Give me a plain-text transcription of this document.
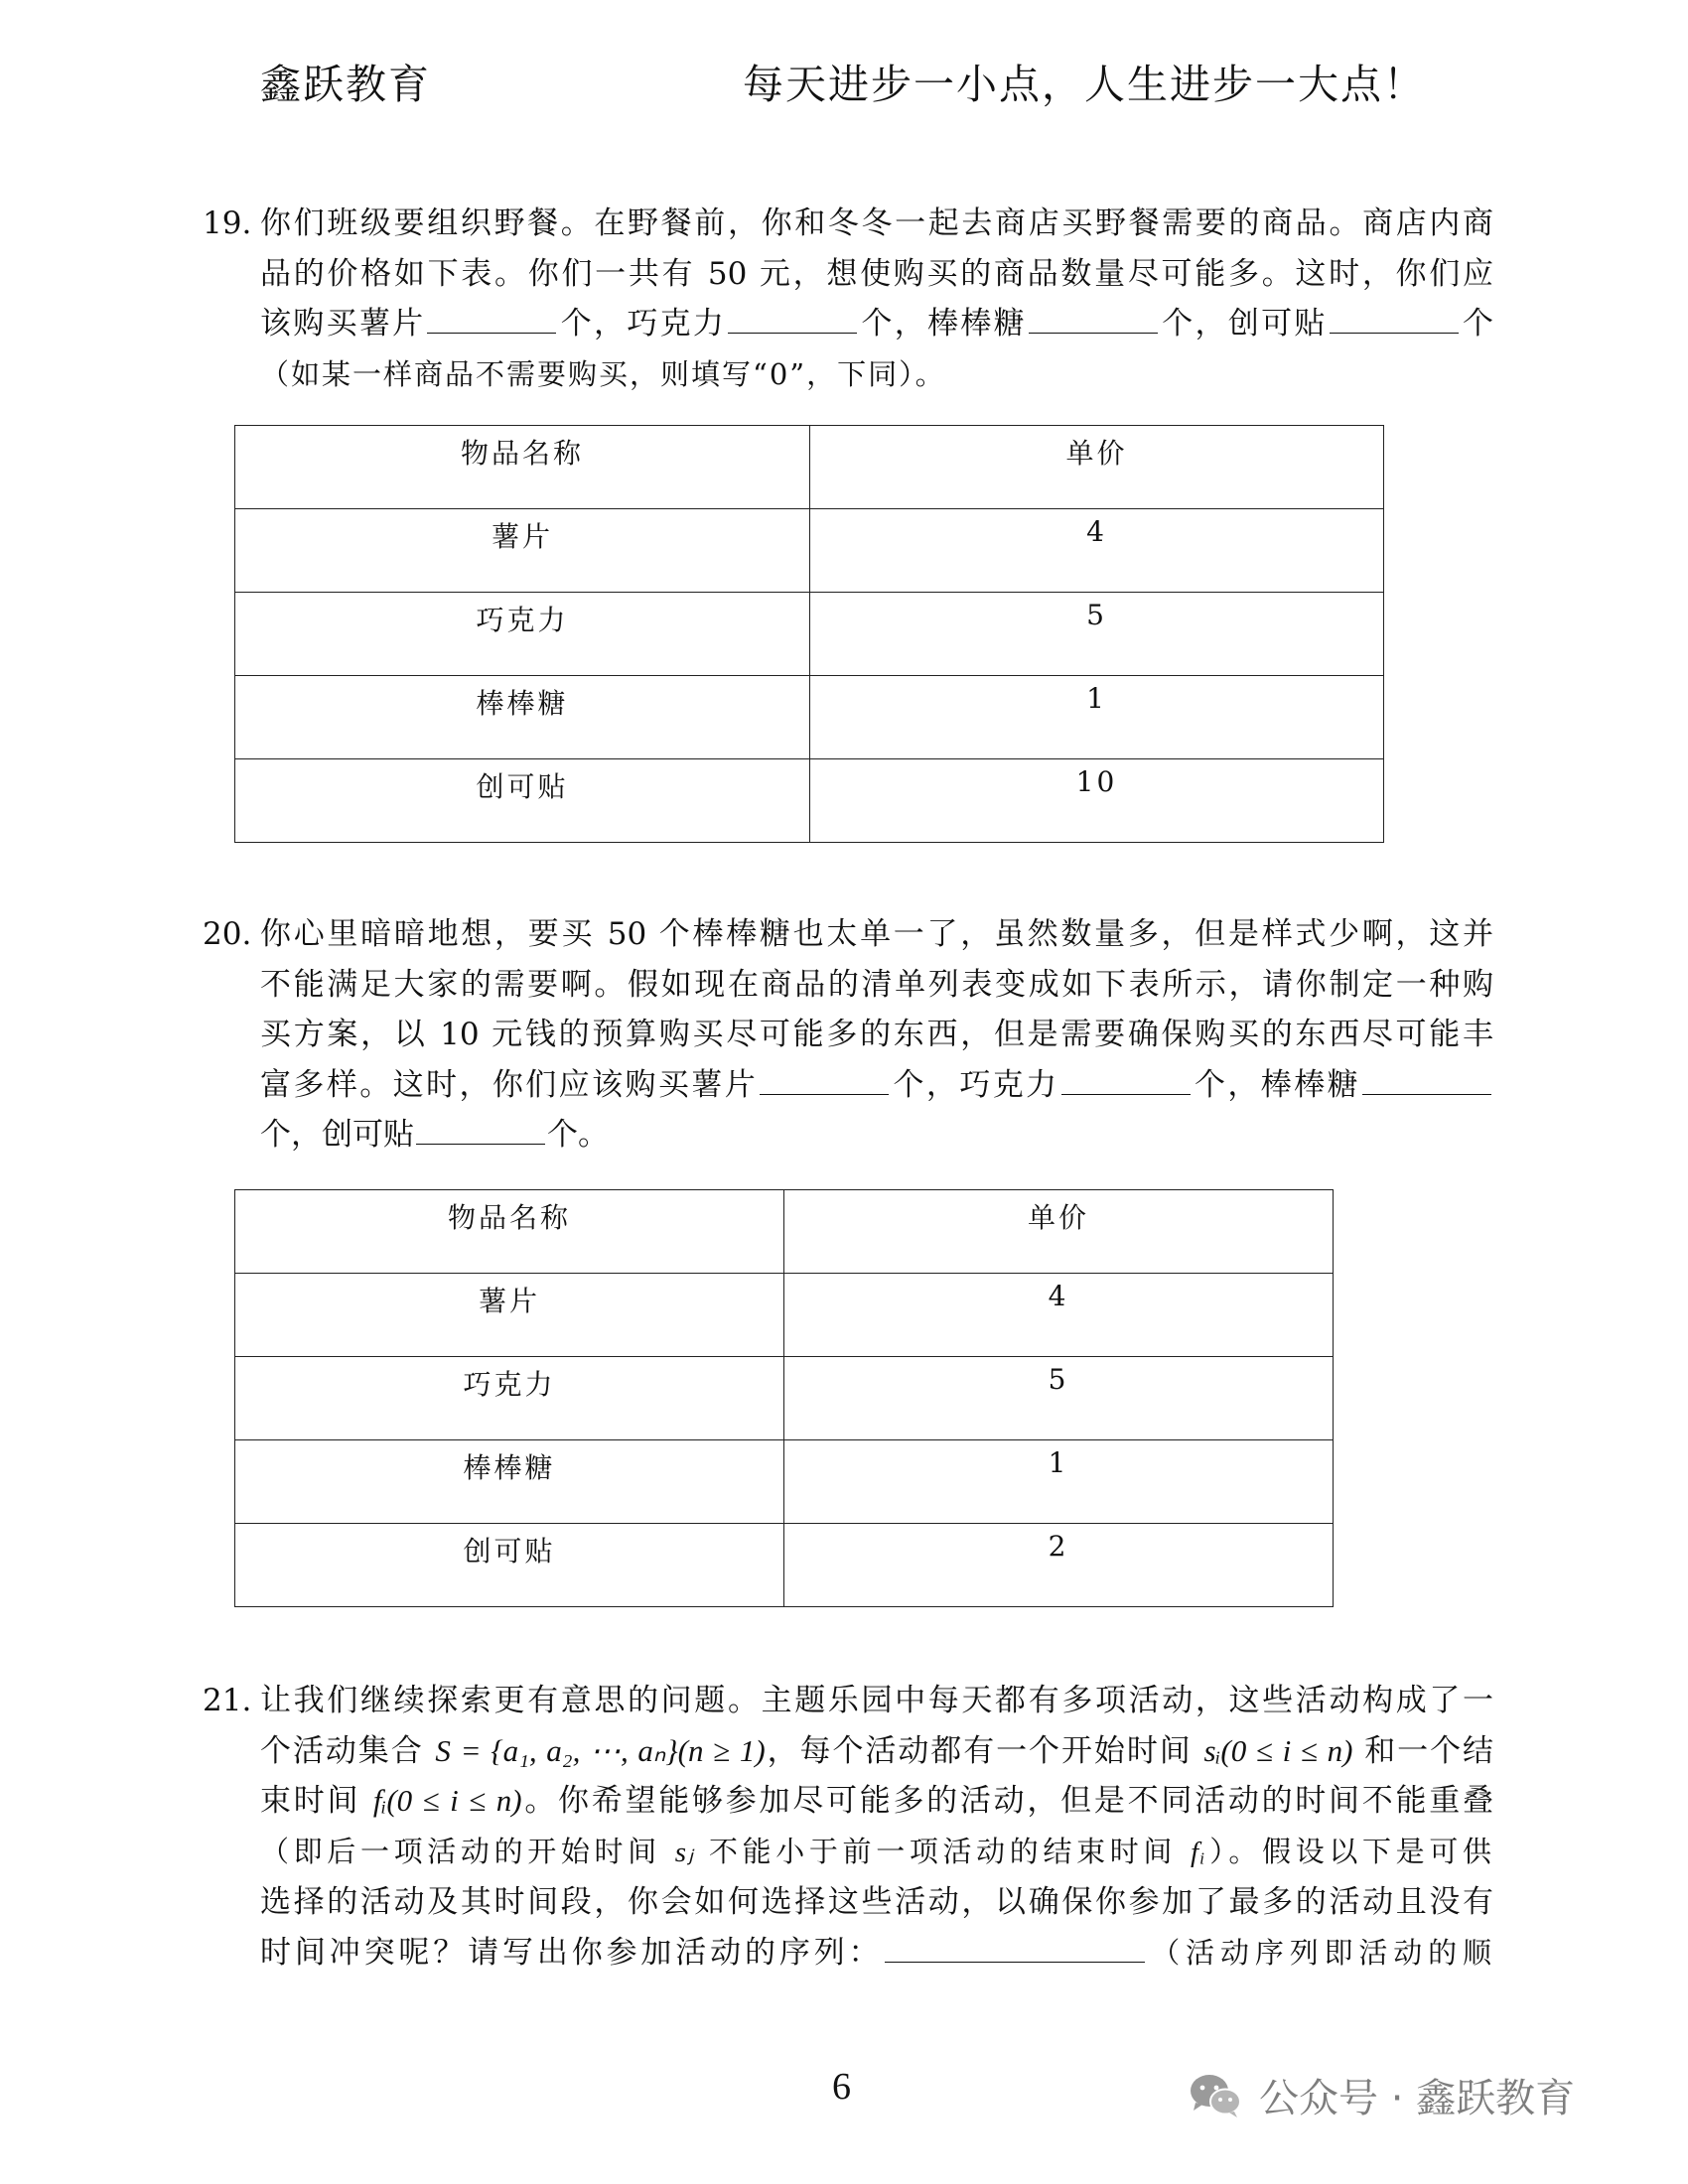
鑫跃教育	每天进步一小点，人生进步一大点！
19. 你们班级要组织野餐。在野餐前，你和冬冬一起去商店买野餐需要的商品。商店内商
品的价格如下表。你们一共有 50 元，想使购买的商品数量尽可能多。这时，你们应
该购买薯片	个，巧克力	个，棒棒糖	个，创可贴	个
（如某一样商品不需要购买，则填写“0”，下同）。
物品名称	单价
薯片	4
巧克力	5
棒棒糖	1
创可贴	10
20. 你心里暗暗地想，要买 50 个棒棒糖也太单一了，虽然数量多，但是样式少啊，这并
不能满足大家的需要啊。假如现在商品的清单列表变成如下表所示，请你制定一种购
买方案，以 10 元钱的预算购买尽可能多的东西，但是需要确保购买的东西尽可能丰
富多样。这时，你们应该购买薯片	个，巧克力	个，棒棒糖
个，创可贴	个。
物品名称	单价
薯片	4
巧克力	5
棒棒糖	1
创可贴	2
21. 让我们继续探索更有意思的问题。主题乐园中每天都有多项活动，这些活动构成了一
个活动集合 S = {a₁, a₂, ⋯, aₙ}(n ≥ 1)，每个活动都有一个开始时间 sᵢ(0 ≤ i ≤ n) 和一个结
束时间 fᵢ(0 ≤ i ≤ n)。你希望能够参加尽可能多的活动，但是不同活动的时间不能重叠
（即后一项活动的开始时间 sⱼ 不能小于前一项活动的结束时间 fᵢ）。假设以下是可供
选择的活动及其时间段，你会如何选择这些活动，以确保你参加了最多的活动且没有
时间冲突呢？请写出你参加活动的序列：	（活动序列即活动的顺
6	公众号 · 鑫跃教育
